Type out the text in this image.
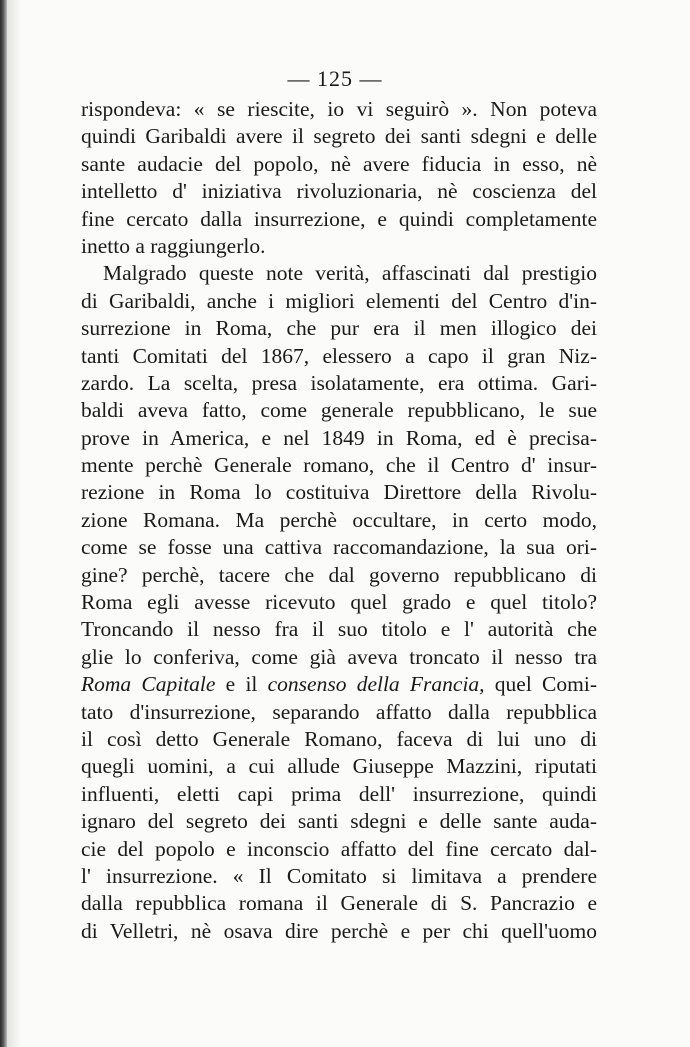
— 125 —
rispondeva: « se riescite, io vi seguirò ». Non poteva
quindi Garibaldi avere il segreto dei santi sdegni e delle
sante audacie del popolo, nè avere fiducia in esso, nè
intelletto d' iniziativa rivoluzionaria, nè coscienza del
fine cercato dalla insurrezione, e quindi completamente
inetto a raggiungerlo.
Malgrado queste note verità, affascinati dal prestigio
di Garibaldi, anche i migliori elementi del Centro d'in-
surrezione in Roma, che pur era il men illogico dei
tanti Comitati del 1867, elessero a capo il gran Niz-
zardo. La scelta, presa isolatamente, era ottima. Gari-
baldi aveva fatto, come generale repubblicano, le sue
prove in America, e nel 1849 in Roma, ed è precisa-
mente perchè Generale romano, che il Centro d' insur-
rezione in Roma lo costituiva Direttore della Rivolu-
zione Romana. Ma perchè occultare, in certo modo,
come se fosse una cattiva raccomandazione, la sua ori-
gine? perchè, tacere che dal governo repubblicano di
Roma egli avesse ricevuto quel grado e quel titolo?
Troncando il nesso fra il suo titolo e l' autorità che
glie lo conferiva, come già aveva troncato il nesso tra
Roma Capitale e il consenso della Francia, quel Comi-
tato d'insurrezione, separando affatto dalla repubblica
il così detto Generale Romano, faceva di lui uno di
quegli uomini, a cui allude Giuseppe Mazzini, riputati
influenti, eletti capi prima dell' insurrezione, quindi
ignaro del segreto dei santi sdegni e delle sante auda-
cie del popolo e inconscio affatto del fine cercato dal-
l' insurrezione. « Il Comitato si limitava a prendere
dalla repubblica romana il Generale di S. Pancrazio e
di Velletri, nè osava dire perchè e per chi quell'uomo
